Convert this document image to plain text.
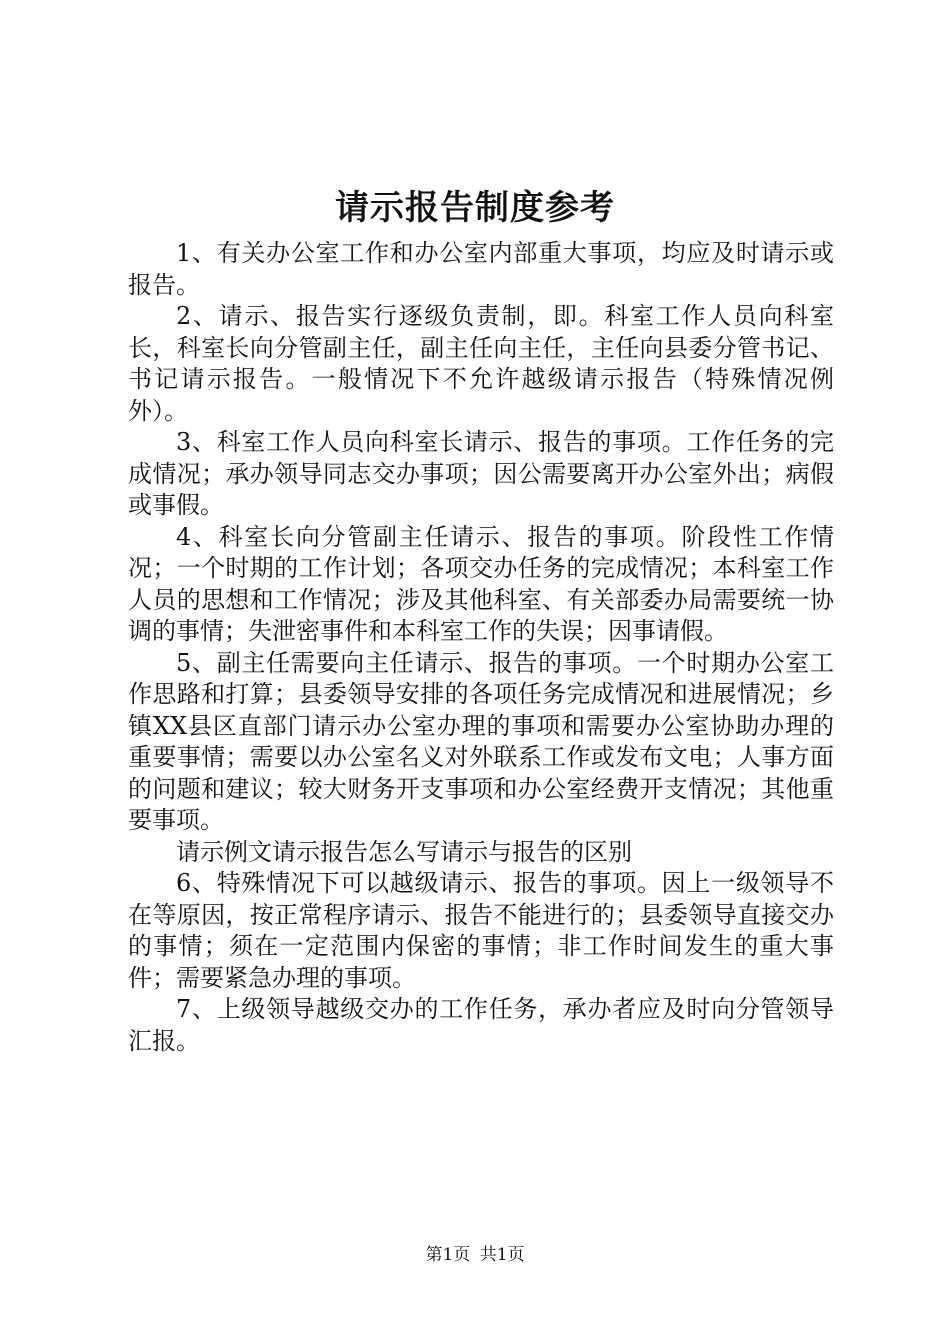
请示报告制度参考

1、有关办公室工作和办公室内部重大事项，均应及时请示或报告。

2、请示、报告实行逐级负责制，即。科室工作人员向科室长，科室长向分管副主任，副主任向主任，主任向县委分管书记、书记请示报告。一般情况下不允许越级请示报告（特殊情况例外）。

3、科室工作人员向科室长请示、报告的事项。工作任务的完成情况；承办领导同志交办事项；因公需要离开办公室外出；病假或事假。

4、科室长向分管副主任请示、报告的事项。阶段性工作情况；一个时期的工作计划；各项交办任务的完成情况；本科室工作人员的思想和工作情况；涉及其他科室、有关部委办局需要统一协调的事情；失泄密事件和本科室工作的失误；因事请假。

5、副主任需要向主任请示、报告的事项。一个时期办公室工作思路和打算；县委领导安排的各项任务完成情况和进展情况；乡镇XX县区直部门请示办公室办理的事项和需要办公室协助办理的重要事情；需要以办公室名义对外联系工作或发布文电；人事方面的问题和建议；较大财务开支事项和办公室经费开支情况；其他重要事项。

请示例文请示报告怎么写请示与报告的区别

6、特殊情况下可以越级请示、报告的事项。因上一级领导不在等原因，按正常程序请示、报告不能进行的；县委领导直接交办的事情；须在一定范围内保密的事情；非工作时间发生的重大事件；需要紧急办理的事项。

7、上级领导越级交办的工作任务，承办者应及时向分管领导汇报。

第1页 共1页
